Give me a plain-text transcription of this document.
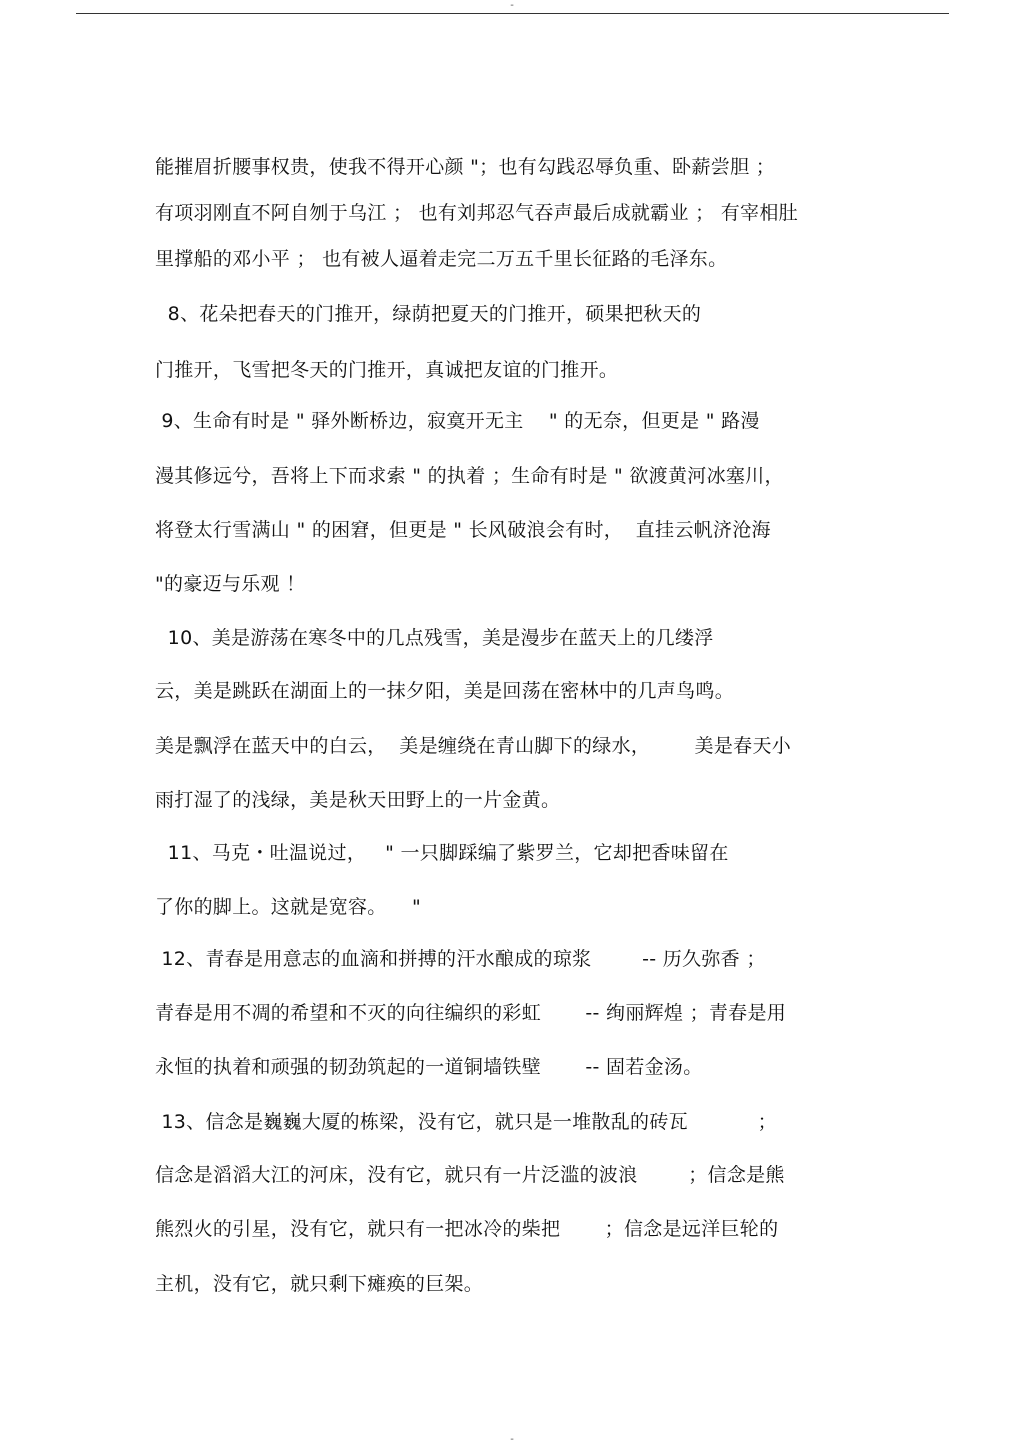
-
能摧眉折腰事权贵，使我不得开心颜 "；也有勾践忍辱负重、卧薪尝胆 ；
有项羽刚直不阿自刎于乌江 ； 也有刘邦忍气吞声最后成就霸业 ； 有宰相肚
里撑船的邓小平 ； 也有被人逼着走完二万五千里长征路的毛泽东。
8、花朵把春天的门推开，绿荫把夏天的门推开，硕果把秋天的
门推开，飞雪把冬天的门推开，真诚把友谊的门推开。
9、生命有时是 " 驿外断桥边，寂寞开无主    " 的无奈，但更是 " 路漫
漫其修远兮，吾将上下而求索 " 的执着 ；生命有时是 " 欲渡黄河冰塞川，
将登太行雪满山 " 的困窘，但更是 " 长风破浪会有时，  直挂云帆济沧海
"的豪迈与乐观 ！
10、美是游荡在寒冬中的几点残雪，美是漫步在蓝天上的几缕浮
云，美是跳跃在湖面上的一抹夕阳，美是回荡在密林中的几声鸟鸣。
美是飘浮在蓝天中的白云，  美是缠绕在青山脚下的绿水，       美是春天小
雨打湿了的浅绿，美是秋天田野上的一片金黄。
11、马克・吐温说过，   " 一只脚踩编了紫罗兰，它却把香味留在
了你的脚上。这就是宽容。    "
12、青春是用意志的血滴和拼搏的汗水酿成的琼浆        -- 历久弥香 ；
青春是用不凋的希望和不灭的向往编织的彩虹       -- 绚丽辉煌 ；青春是用
永恒的执着和顽强的韧劲筑起的一道铜墙铁壁       -- 固若金汤。
13、信念是巍巍大厦的栋梁，没有它，就只是一堆散乱的砖瓦           ；
信念是滔滔大江的河床，没有它，就只有一片泛滥的波浪        ；信念是熊
熊烈火的引星，没有它，就只有一把冰冷的柴把       ；信念是远洋巨轮的
主机，没有它，就只剩下瘫痪的巨架。
-
